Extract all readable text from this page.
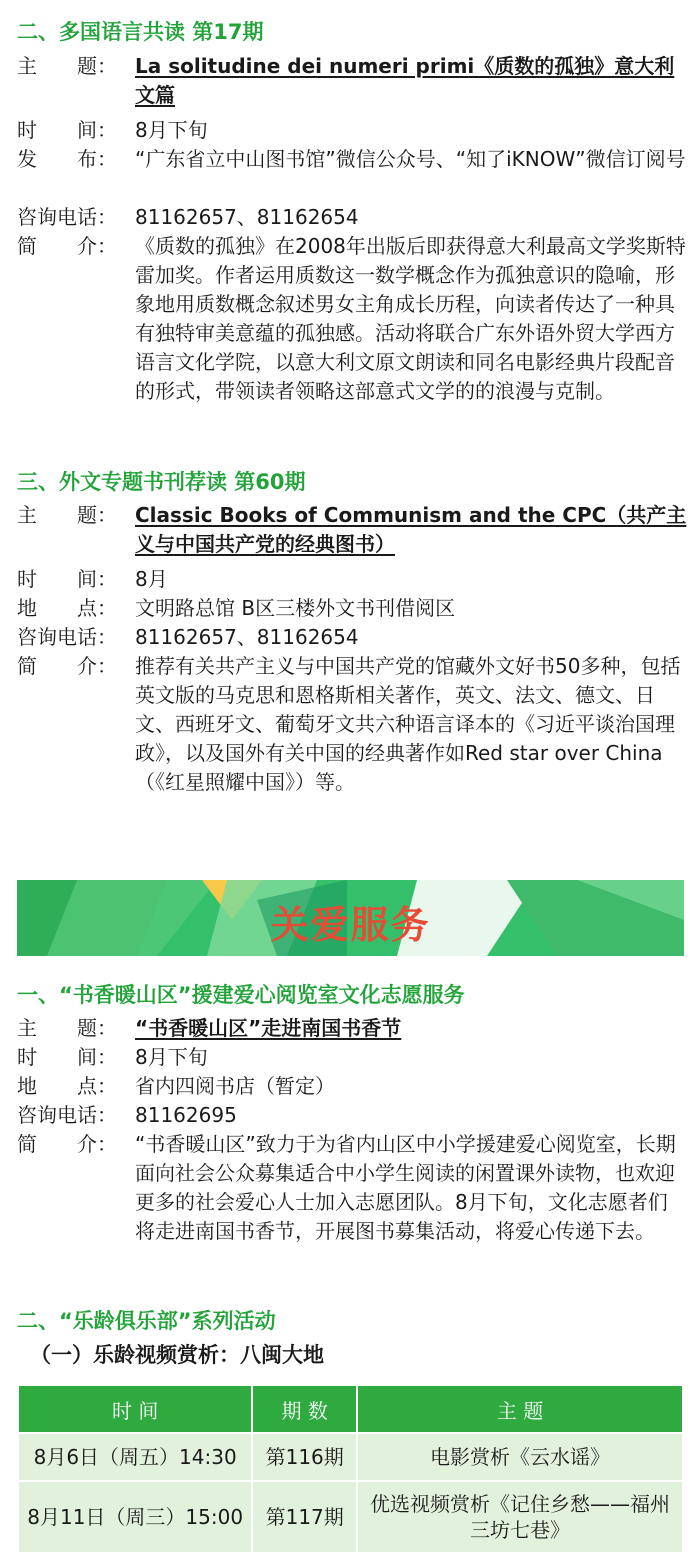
二、多国语言共读 第17期
主　　题： La solitudine dei numeri primi《质数的孤独》意大利文篇
时　　间： 8月下旬
发　　布： “广东省立中山图书馆”微信公众号、“知了iKNOW”微信订阅号
咨询电话： 81162657、81162654
简　　介： 《质数的孤独》在2008年出版后即获得意大利最高文学奖斯特雷加奖。作者运用质数这一数学概念作为孤独意识的隐喻，形象地用质数概念叙述男女主角成长历程，向读者传达了一种具有独特审美意蕴的孤独感。活动将联合广东外语外贸大学西方语言文化学院，以意大利文原文朗读和同名电影经典片段配音的形式，带领读者领略这部意式文学的的浪漫与克制。
三、外文专题书刊荐读 第60期
主　　题： Classic Books of Communism and the CPC（共产主义与中国共产党的经典图书）
时　　间： 8月
地　　点： 文明路总馆 B区三楼外文书刊借阅区
咨询电话： 81162657、81162654
简　　介： 推荐有关共产主义与中国共产党的馆藏外文好书50多种，包括英文版的马克思和恩格斯相关著作，英文、法文、德文、日文、西班牙文、葡萄牙文共六种语言译本的《习近平谈治国理政》，以及国外有关中国的经典著作如Red star over China（《红星照耀中国》）等。
关爱服务
一、“书香暖山区”援建爱心阅览室文化志愿服务
主　　题： “书香暖山区”走进南国书香节
时　　间： 8月下旬
地　　点： 省内四阅书店（暂定）
咨询电话： 81162695
简　　介： “书香暖山区”致力于为省内山区中小学援建爱心阅览室，长期面向社会公众募集适合中小学生阅读的闲置课外读物，也欢迎更多的社会爱心人士加入志愿团队。8月下旬，文化志愿者们将走进南国书香节，开展图书募集活动，将爱心传递下去。
二、“乐龄俱乐部”系列活动
（一）乐龄视频赏析：八闽大地
时 间	期 数	主 题
8月6日（周五）14:30	第116期	电影赏析《云水谣》
8月11日（周三）15:00	第117期	优选视频赏析《记住乡愁——福州三坊七巷》
